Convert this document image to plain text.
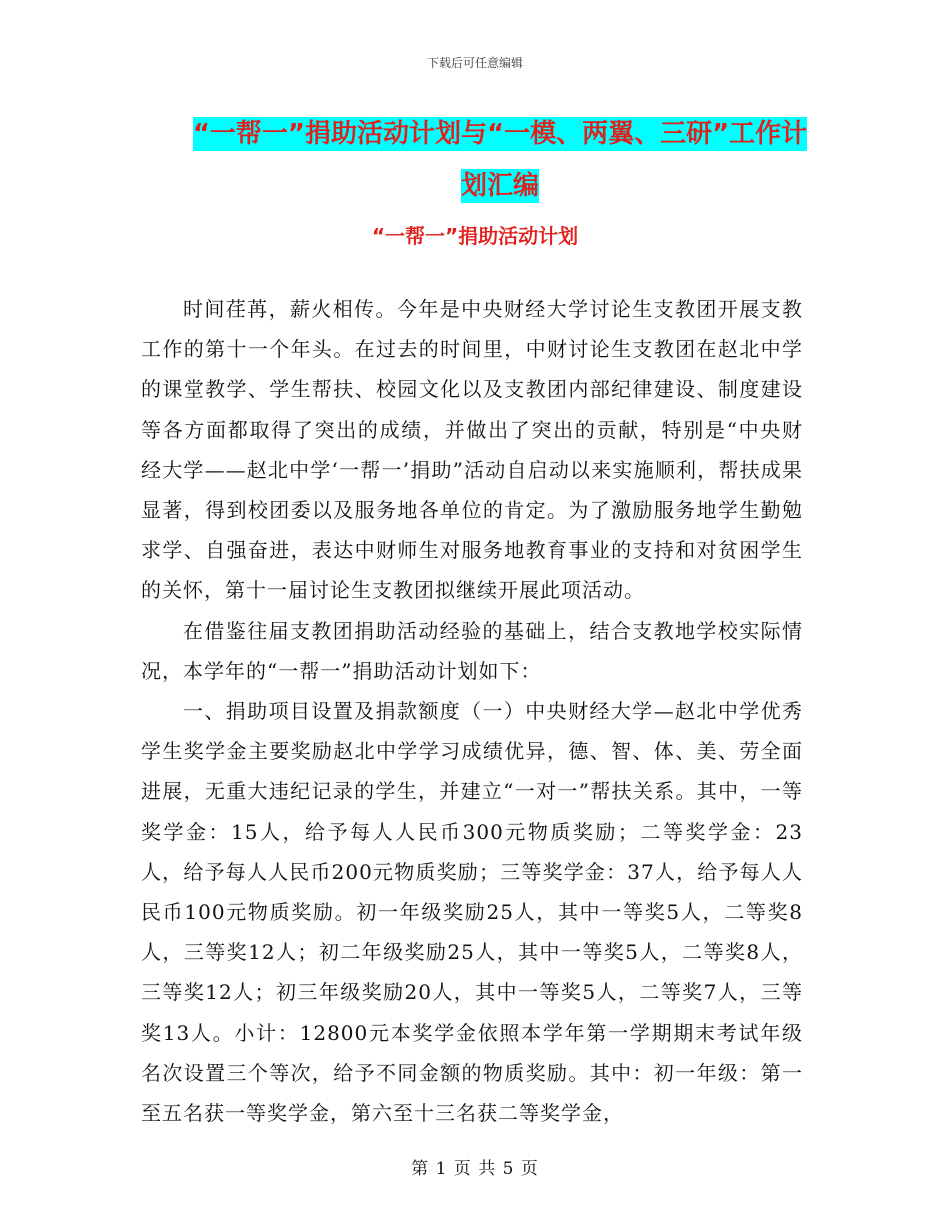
下载后可任意编辑
“一帮一”捐助活动计划与“一模、两翼、三研”工作计划汇编
“一帮一”捐助活动计划

时间荏苒，薪火相传。今年是中央财经大学讨论生支教团开展支教工作的第十一个年头。在过去的时间里，中财讨论生支教团在赵北中学的课堂教学、学生帮扶、校园文化以及支教团内部纪律建设、制度建设等各方面都取得了突出的成绩，并做出了突出的贡献，特别是“中央财经大学——赵北中学‘一帮一’捐助”活动自启动以来实施顺利，帮扶成果显著，得到校团委以及服务地各单位的肯定。为了激励服务地学生勤勉求学、自强奋进，表达中财师生对服务地教育事业的支持和对贫困学生的关怀，第十一届讨论生支教团拟继续开展此项活动。

在借鉴往届支教团捐助活动经验的基础上，结合支教地学校实际情况，本学年的“一帮一”捐助活动计划如下：

一、捐助项目设置及捐款额度（一）中央财经大学—赵北中学优秀学生奖学金主要奖励赵北中学学习成绩优异，德、智、体、美、劳全面进展，无重大违纪记录的学生，并建立“一对一”帮扶关系。其中，一等奖学金：15人，给予每人人民币300元物质奖励；二等奖学金：23人，给予每人人民币200元物质奖励；三等奖学金：37人，给予每人人民币100元物质奖励。初一年级奖励25人，其中一等奖5人，二等奖8人，三等奖12人；初二年级奖励25人，其中一等奖5人，二等奖8人，三等奖12人；初三年级奖励20人，其中一等奖5人，二等奖7人，三等奖13人。小计：12800元本奖学金依照本学年第一学期期末考试年级名次设置三个等次，给予不同金额的物质奖励。其中：初一年级：第一至五名获一等奖学金，第六至十三名获二等奖学金，

第 1 页 共 5 页
